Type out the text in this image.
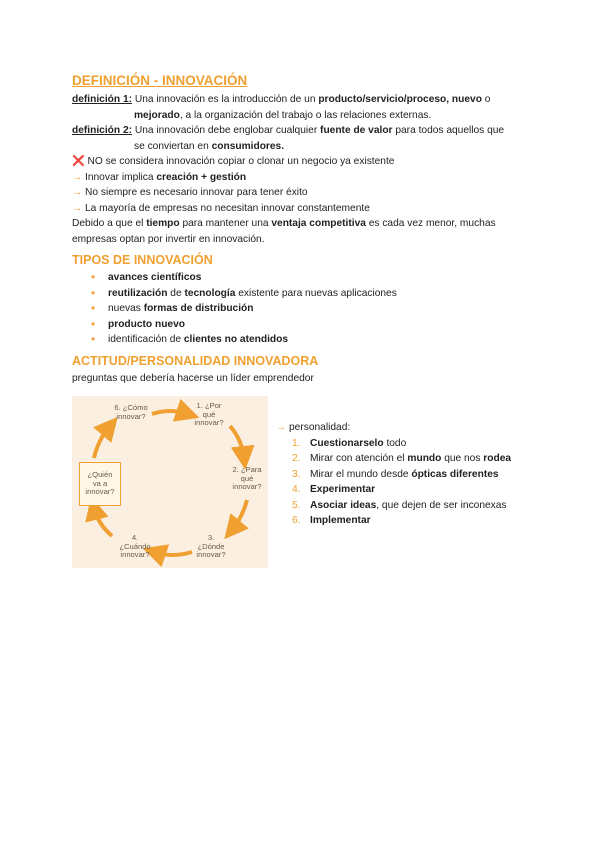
DEFINICIÓN - INNOVACIÓN
definición 1: Una innovación es la introducción de un producto/servicio/proceso, nuevo o
mejorado, a la organización del trabajo o las relaciones externas.
definición 2: Una innovación debe englobar cualquier fuente de valor para todos aquellos que
se conviertan en consumidores.
❌ NO se considera innovación copiar o clonar un negocio ya existente
→ Innovar implica creación + gestión
→ No siempre es necesario innovar para tener éxito
→ La mayoría de empresas no necesitan innovar constantemente
Debido a que el tiempo para mantener una ventaja competitiva es cada vez menor, muchas empresas optan por invertir en innovación.
TIPOS DE INNOVACIÓN
• avances científicos
• reutilización de tecnología existente para nuevas aplicaciones
• nuevas formas de distribución
• producto nuevo
• identificación de clientes no atendidos
ACTITUD/PERSONALIDAD INNOVADORA
preguntas que debería hacerse un líder emprendedor
6. ¿Cómo
innovar?
1. ¿Por
qué
innovar?
2. ¿Para
qué
innovar?
3.
¿Dónde
innovar?
4.
¿Cuándo
innovar?
¿Quién
va a
innovar?
→ personalidad:
1. Cuestionarselo todo
2. Mirar con atención el mundo que nos rodea
3. Mirar el mundo desde ópticas diferentes
4. Experimentar
5. Asociar ideas, que dejen de ser inconexas
6. Implementar
